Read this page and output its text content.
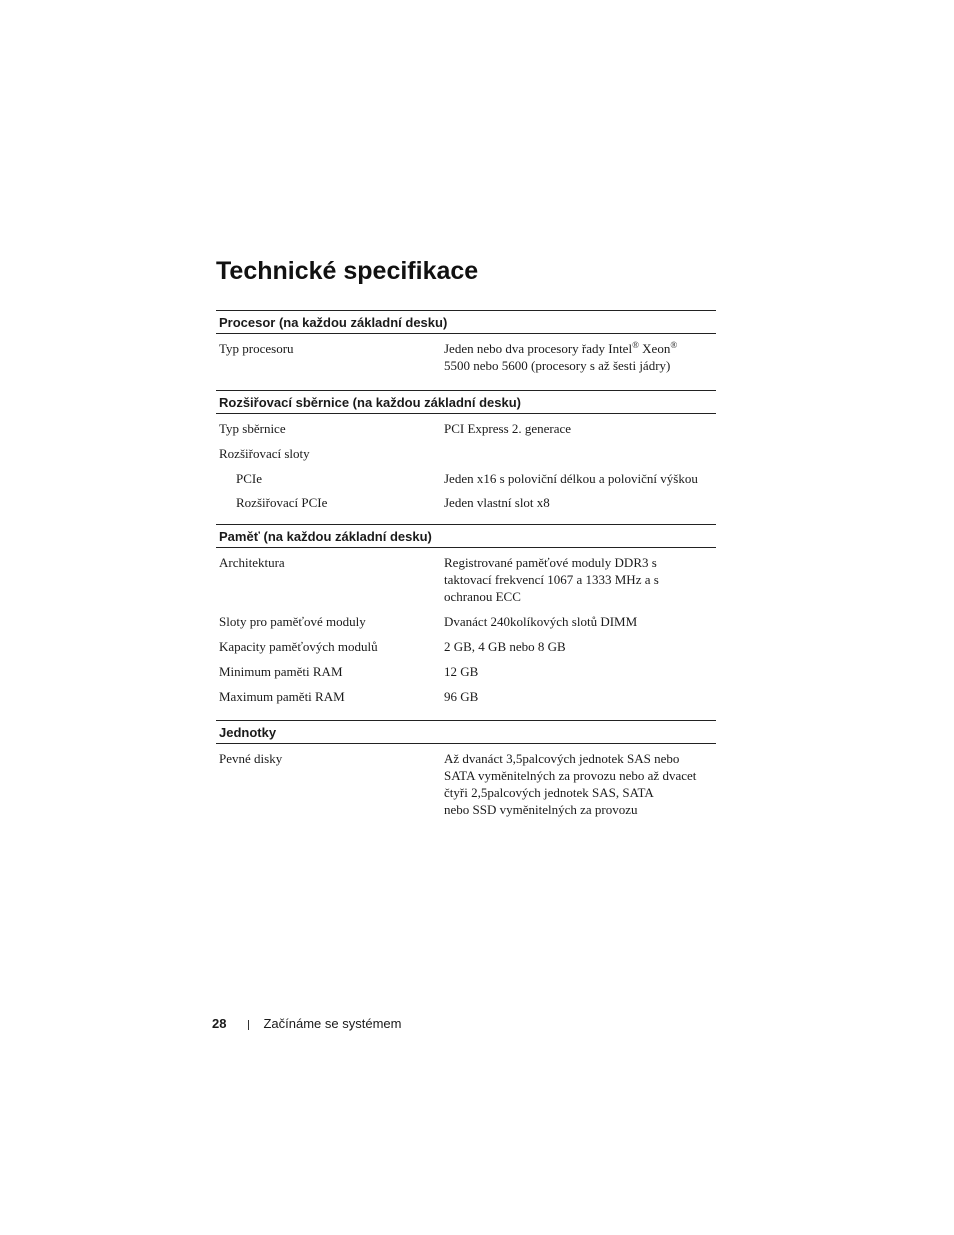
Technické specifikace
Procesor (na každou základní desku)
Typ procesoru	Jeden nebo dva procesory řady Intel® Xeon®
5500 nebo 5600 (procesory s až šesti jádry)
Rozšiřovací sběrnice (na každou základní desku)
Typ sběrnice	PCI Express 2. generace
Rozšiřovací sloty
PCIe	Jeden x16 s poloviční délkou a poloviční výškou
Rozšiřovací PCIe	Jeden vlastní slot x8
Paměť (na každou základní desku)
Architektura	Registrované paměťové moduly DDR3 s
taktovací frekvencí 1067 a 1333 MHz a s
ochranou ECC
Sloty pro paměťové moduly	Dvanáct 240kolíkových slotů DIMM
Kapacity paměťových modulů	2 GB, 4 GB nebo 8 GB
Minimum paměti RAM	12 GB
Maximum paměti RAM	96 GB
Jednotky
Pevné disky	Až dvanáct 3,5palcových jednotek SAS nebo
SATA vyměnitelných za provozu nebo až dvacet
čtyři 2,5palcových jednotek SAS, SATA
nebo SSD vyměnitelných za provozu
28	Začínáme se systémem
